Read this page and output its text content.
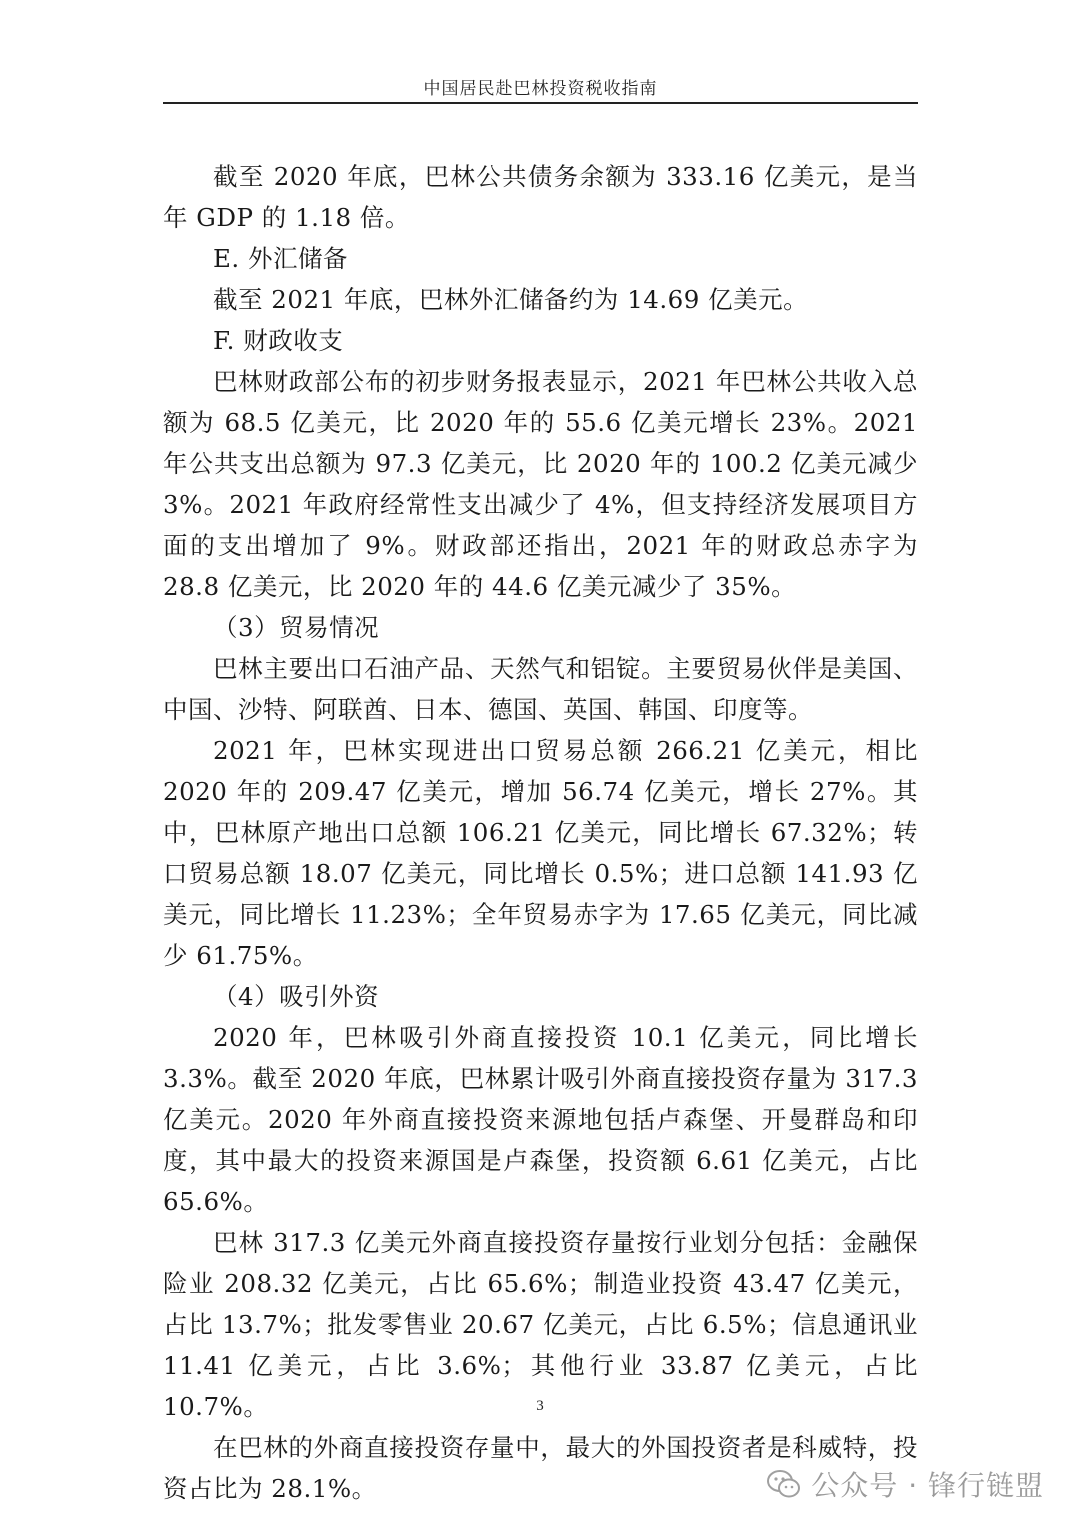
中国居民赴巴林投资税收指南

截至 2020 年底，巴林公共债务余额为 333.16 亿美元，是当年 GDP 的 1.18 倍。

E. 外汇储备

截至 2021 年底，巴林外汇储备约为 14.69 亿美元。

F. 财政收支

巴林财政部公布的初步财务报表显示，2021 年巴林公共收入总额为 68.5 亿美元，比 2020 年的 55.6 亿美元增长 23%。2021 年公共支出总额为 97.3 亿美元，比 2020 年的 100.2 亿美元减少 3%。2021 年政府经常性支出减少了 4%，但支持经济发展项目方面的支出增加了 9%。财政部还指出，2021 年的财政总赤字为 28.8 亿美元，比 2020 年的 44.6 亿美元减少了 35%。

（3）贸易情况

巴林主要出口石油产品、天然气和铝锭。主要贸易伙伴是美国、中国、沙特、阿联酋、日本、德国、英国、韩国、印度等。

2021 年，巴林实现进出口贸易总额 266.21 亿美元，相比 2020 年的 209.47 亿美元，增加 56.74 亿美元，增长 27%。其中，巴林原产地出口总额 106.21 亿美元，同比增长 67.32%；转口贸易总额 18.07 亿美元，同比增长 0.5%；进口总额 141.93 亿美元，同比增长 11.23%；全年贸易赤字为 17.65 亿美元，同比减少 61.75%。

（4）吸引外资

2020 年，巴林吸引外商直接投资 10.1 亿美元，同比增长 3.3%。截至 2020 年底，巴林累计吸引外商直接投资存量为 317.3 亿美元。2020 年外商直接投资来源地包括卢森堡、开曼群岛和印度，其中最大的投资来源国是卢森堡，投资额 6.61 亿美元，占比 65.6%。

巴林 317.3 亿美元外商直接投资存量按行业划分包括：金融保险业 208.32 亿美元，占比 65.6%；制造业投资 43.47 亿美元，占比 13.7%；批发零售业 20.67 亿美元，占比 6.5%；信息通讯业 11.41 亿美元，占比 3.6%；其他行业 33.87 亿美元，占比 10.7%。

在巴林的外商直接投资存量中，最大的外国投资者是科威特，投资占比为 28.1%。

3
公众号 · 锋行链盟
